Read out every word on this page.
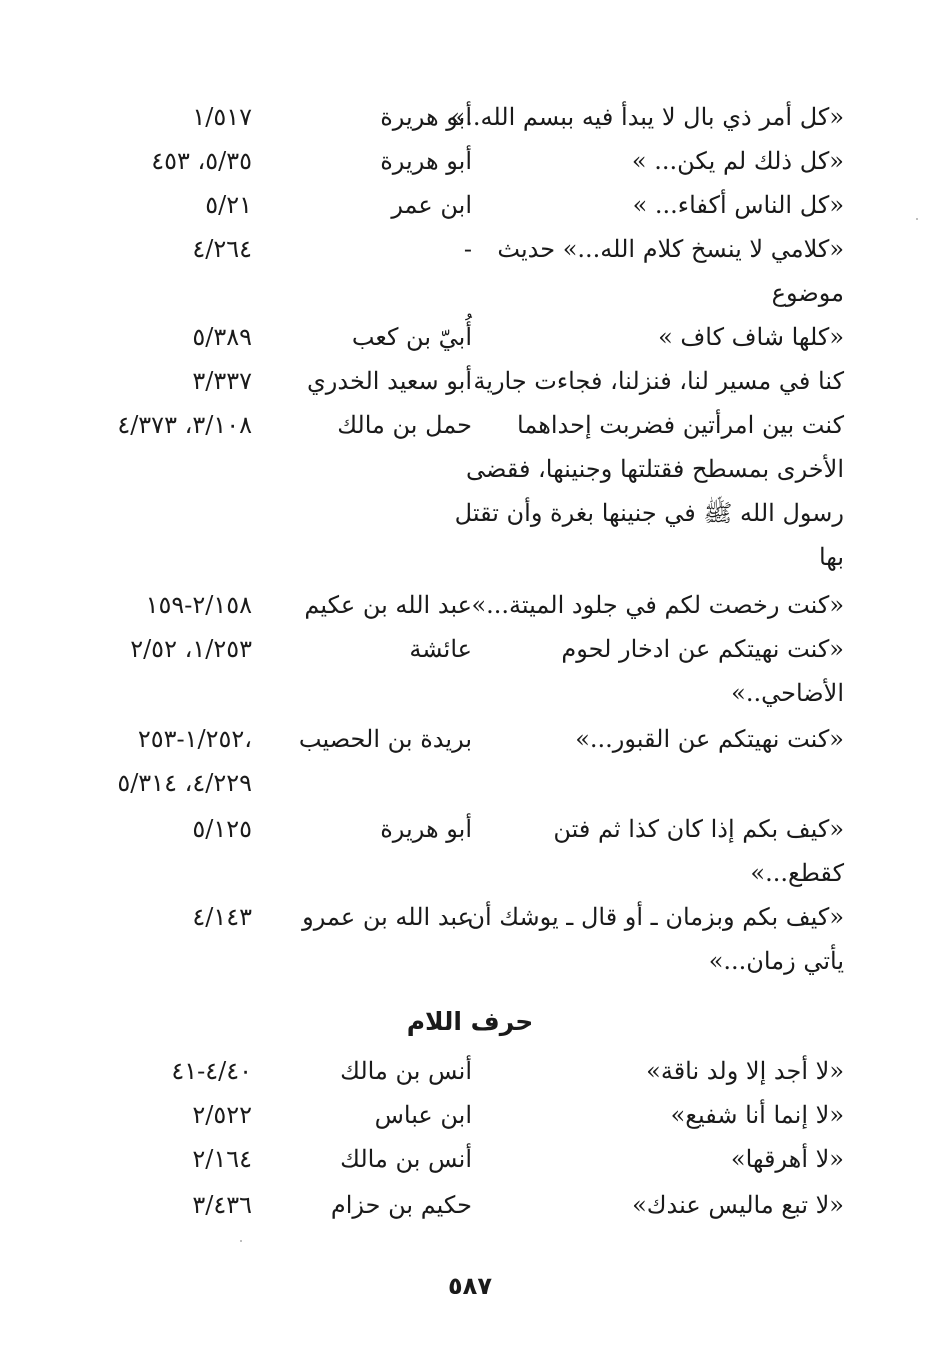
«كل أمر ذي بال لا يبدأ فيه ببسم الله..»
أبو هريرة
١/٥١٧
«كل ذلك لم يكن... »
أبو هريرة
٥/٣٥، ٤٥٣
«كل الناس أكفاء... »
ابن عمر
٥/٢١
«كلامي لا ينسخ كلام الله...» حديث
-
٤/٢٦٤
موضوع
«كلها شاف كاف »
أُبيّ بن كعب
٥/٣٨٩
كنا في مسير لنا، فنزلنا، فجاءت جارية
أبو سعيد الخدري
٣/٣٣٧
كنت بين امرأتين فضربت إحداهما
حمل بن مالك
٣/١٠٨، ٤/٣٧٣
الأخرى بمسطح فقتلتها وجنينها، فقضى
رسول الله ﷺ في جنينها بغرة وأن تقتل
بها
«كنت رخصت لكم في جلود الميتة...»
عبد الله بن عكيم
٢/١٥٨-١٥٩
«كنت نهيتكم عن ادخار لحوم
عائشة
١/٢٥٣، ٢/٥٢
الأضاحي..»
«كنت نهيتكم عن القبور...»
بريدة بن الحصيب
١/٢٥٢-٢٥٣،
٤/٢٢٩، ٥/٣١٤
«كيف بكم إذا كان كذا ثم فتن
أبو هريرة
٥/١٢٥
كقطع...»
«كيف بكم وبزمان ـ أو قال ـ يوشك أن
عبد الله بن عمرو
٤/١٤٣
يأتي زمان...»
حرف اللام
«لا أجد إلا ولد ناقة»
أنس بن مالك
٤/٤٠-٤١
«لا إنما أنا شفيع»
ابن عباس
٢/٥٢٢
«لا أهرقها»
أنس بن مالك
٢/١٦٤
«لا تبع ماليس عندك»
حكيم بن حزام
٣/٤٣٦
٥٨٧
